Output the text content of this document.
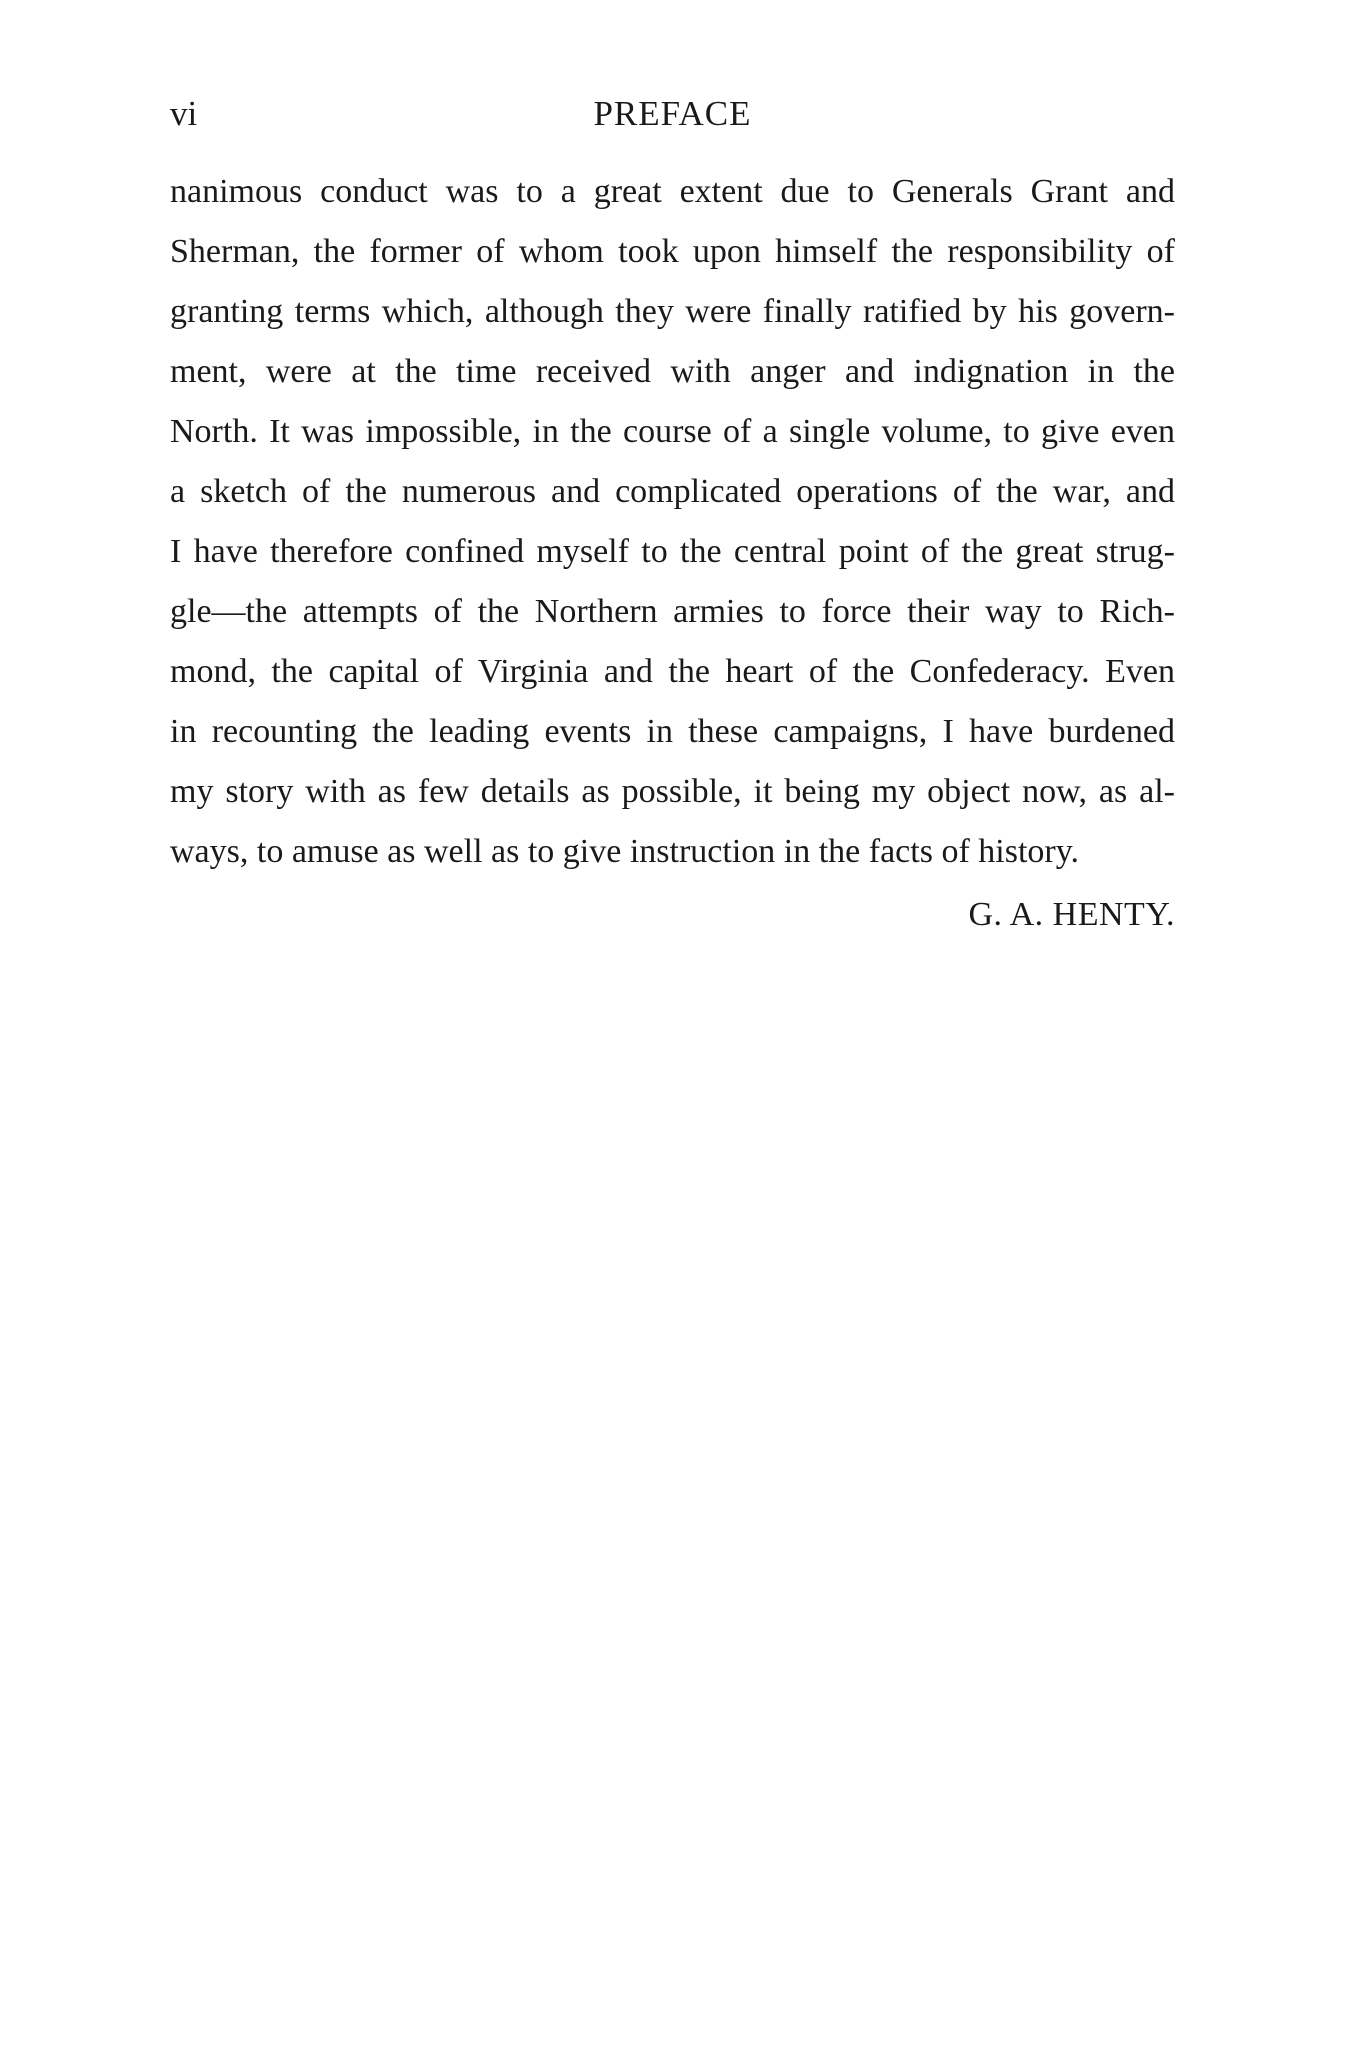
vi	PREFACE

nanimous conduct was to a great extent due to Generals Grant and
Sherman, the former of whom took upon himself the responsibility of
granting terms which, although they were finally ratified by his govern-
ment, were at the time received with anger and indignation in the
North. It was impossible, in the course of a single volume, to give even
a sketch of the numerous and complicated operations of the war, and
I have therefore confined myself to the central point of the great strug-
gle—the attempts of the Northern armies to force their way to Rich-
mond, the capital of Virginia and the heart of the Confederacy. Even
in recounting the leading events in these campaigns, I have burdened
my story with as few details as possible, it being my object now, as al-
ways, to amuse as well as to give instruction in the facts of history.

G. A. HENTY.
